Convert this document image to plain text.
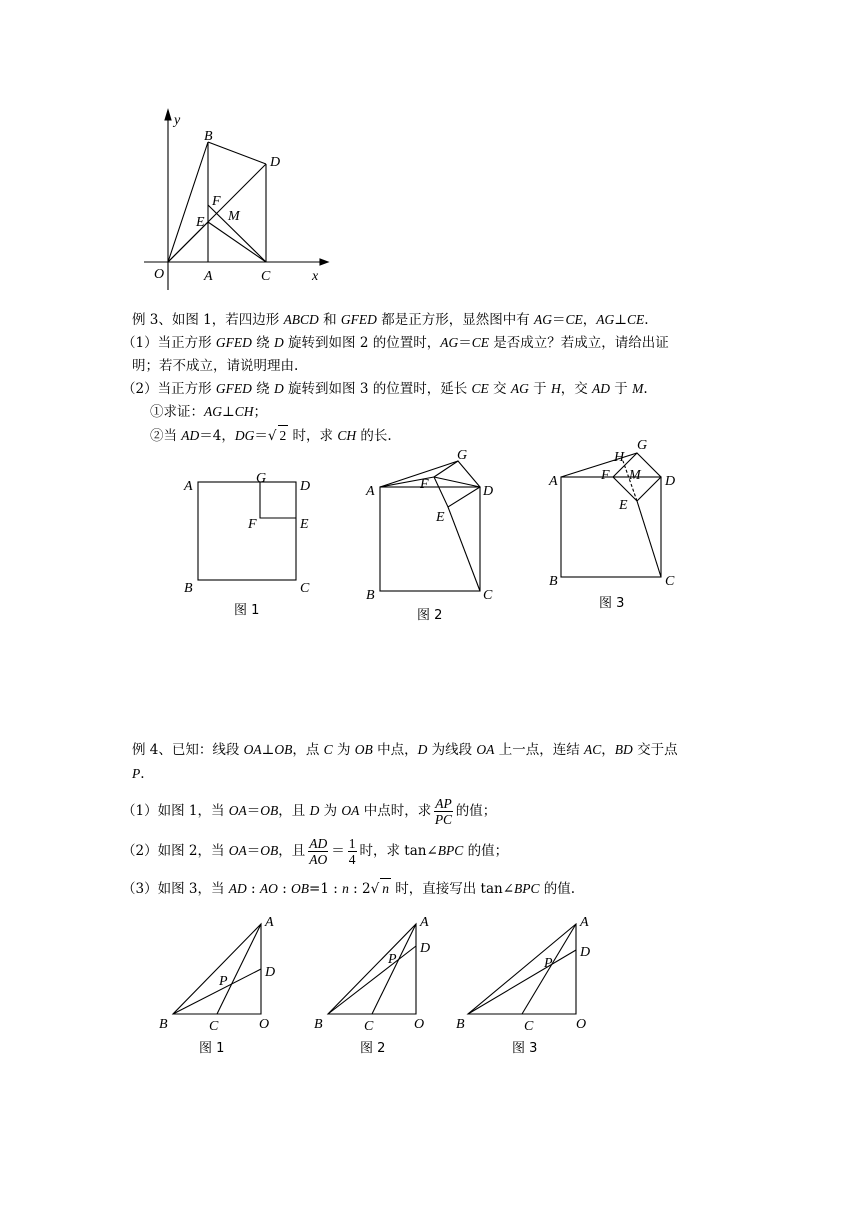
y
x
O	A	C
B
D
F
E M
例 3、如图 1，若四边形 ABCD 和 GFED 都是正方形，显然图中有 AG＝CE，AG⊥CE.
（1）当正方形 GFED 绕 D 旋转到如图 2 的位置时，AG＝CE 是否成立？若成立，请给出证
明；若不成立，请说明理由.
（2）当正方形 GFED 绕 D 旋转到如图 3 的位置时，延长 CE 交 AG 于 H，交 AD 于 M.
①求证：AG⊥CH；
②当 AD＝4，DG＝√ 2 时，求 CH 的长.
A	D
G
F	E
B	C
图 1
A	D
G
F
E
B	C
图 2
A	D
G
H
F M
E
B	C
图 3
例 4、已知：线段 OA⊥OB，点 C 为 OB 中点，D 为线段 OA 上一点，连结 AC，BD 交于点
P.
（1）如图 1，当 OA＝OB，且 D 为 OA 中点时，求 $\frac{AP}{PC}$ 的值；
（2）如图 2，当 OA＝OB，且 $\frac{AD}{AO} = \frac{1}{4}$ 时，求 tan∠BPC 的值；
（3）如图 3，当 AD : AO : OB=1 : n : 2√ n 时，直接写出 tan∠BPC 的值.
A
D
P
B	C	O
图 1
A
D
P
B	C	O
图 2
A
D
P
B	C	O
图 3
